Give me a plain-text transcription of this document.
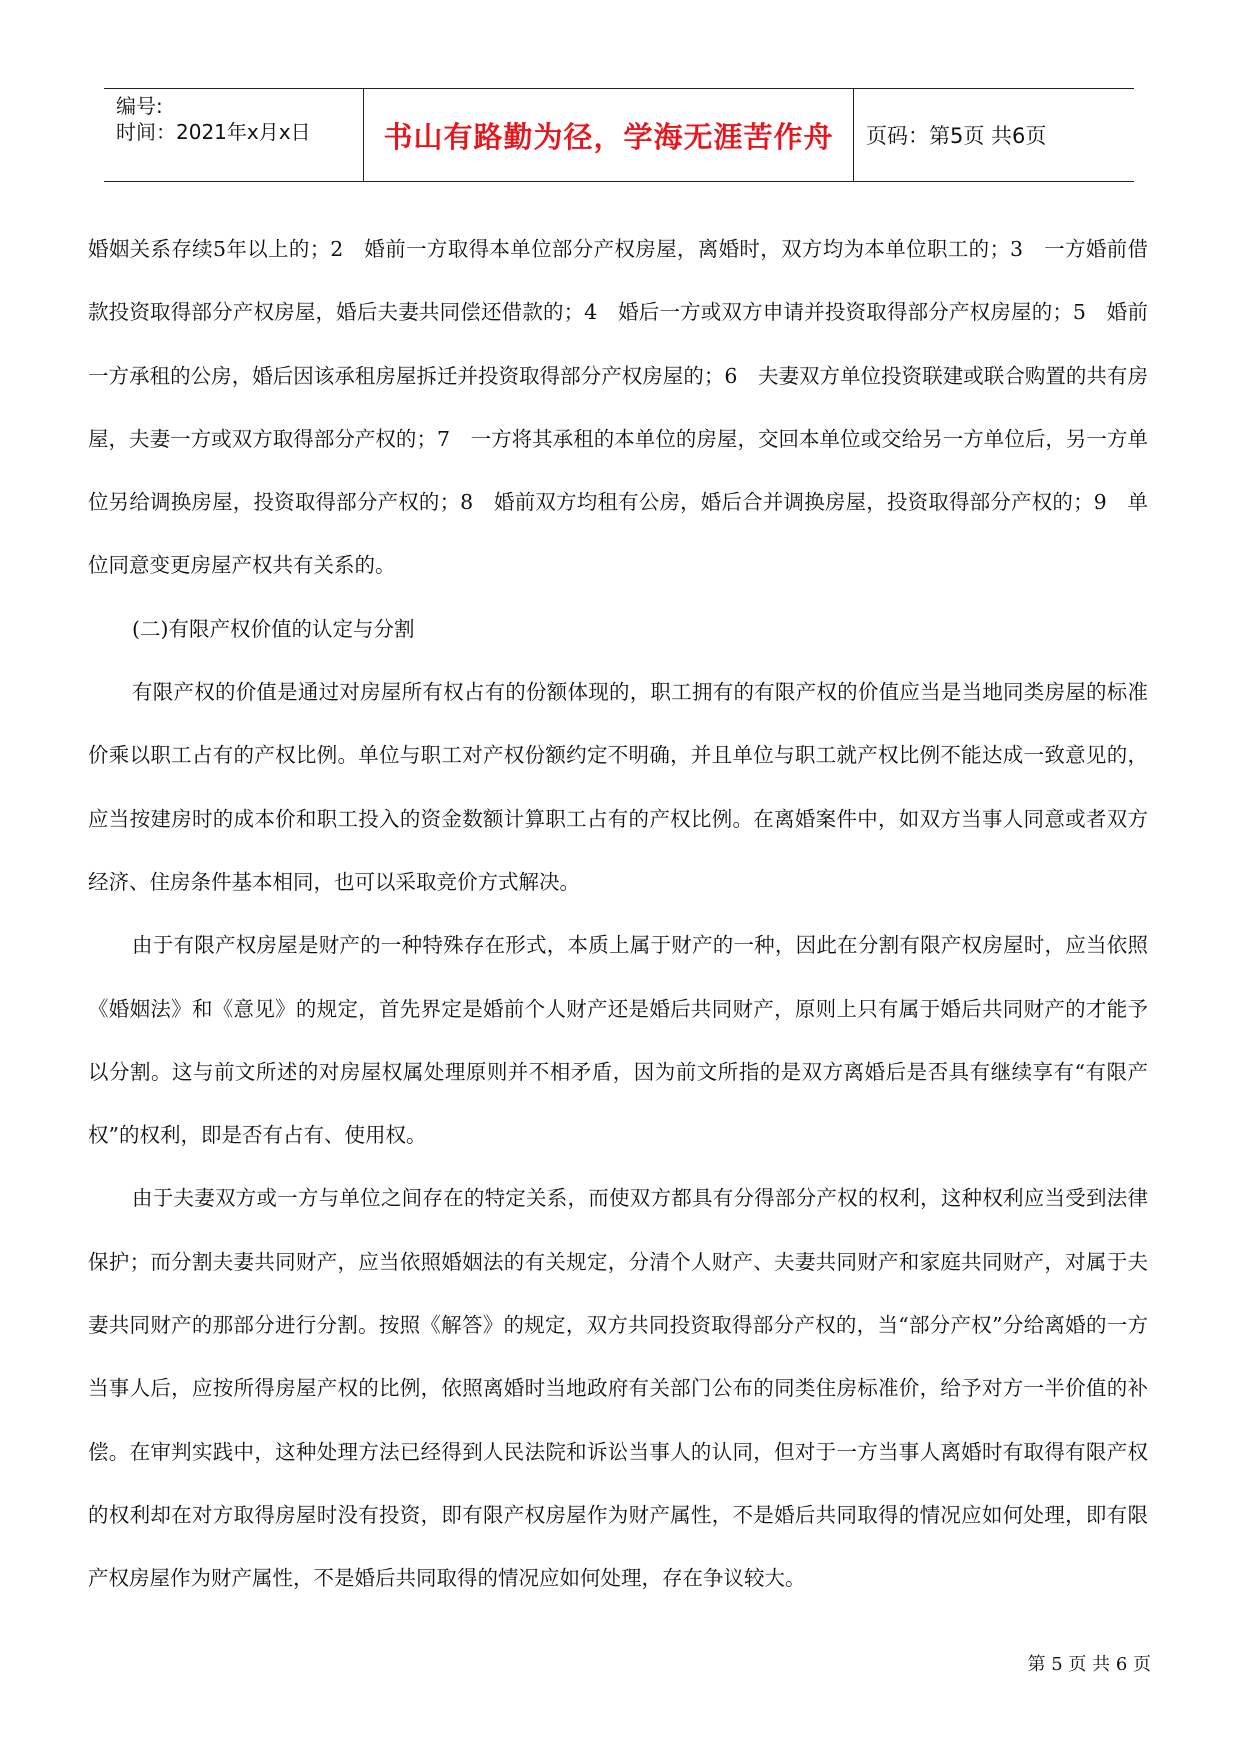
编号:
时间：2021年x月x日	书山有路勤为径，学海无涯苦作舟	页码：第5页 共6页

婚姻关系存续5年以上的；2　婚前一方取得本单位部分产权房屋，离婚时，双方均为本单位职工的；3　一方婚前借款投资取得部分产权房屋，婚后夫妻共同偿还借款的；4　婚后一方或双方申请并投资取得部分产权房屋的；5　婚前一方承租的公房，婚后因该承租房屋拆迁并投资取得部分产权房屋的；6　夫妻双方单位投资联建或联合购置的共有房屋，夫妻一方或双方取得部分产权的；7　一方将其承租的本单位的房屋，交回本单位或交给另一方单位后，另一方单位另给调换房屋，投资取得部分产权的；8　婚前双方均租有公房，婚后合并调换房屋，投资取得部分产权的；9　单位同意变更房屋产权共有关系的。

(二)有限产权价值的认定与分割

有限产权的价值是通过对房屋所有权占有的份额体现的，职工拥有的有限产权的价值应当是当地同类房屋的标准价乘以职工占有的产权比例。单位与职工对产权份额约定不明确，并且单位与职工就产权比例不能达成一致意见的，应当按建房时的成本价和职工投入的资金数额计算职工占有的产权比例。在离婚案件中，如双方当事人同意或者双方经济、住房条件基本相同，也可以采取竞价方式解决。

由于有限产权房屋是财产的一种特殊存在形式，本质上属于财产的一种，因此在分割有限产权房屋时，应当依照《婚姻法》和《意见》的规定，首先界定是婚前个人财产还是婚后共同财产，原则上只有属于婚后共同财产的才能予以分割。这与前文所述的对房屋权属处理原则并不相矛盾，因为前文所指的是双方离婚后是否具有继续享有“有限产权”的权利，即是否有占有、使用权。

由于夫妻双方或一方与单位之间存在的特定关系，而使双方都具有分得部分产权的权利，这种权利应当受到法律保护；而分割夫妻共同财产，应当依照婚姻法的有关规定，分清个人财产、夫妻共同财产和家庭共同财产，对属于夫妻共同财产的那部分进行分割。按照《解答》的规定，双方共同投资取得部分产权的，当“部分产权”分给离婚的一方当事人后，应按所得房屋产权的比例，依照离婚时当地政府有关部门公布的同类住房标准价，给予对方一半价值的补偿。在审判实践中，这种处理方法已经得到人民法院和诉讼当事人的认同，但对于一方当事人离婚时有取得有限产权的权利却在对方取得房屋时没有投资，即有限产权房屋作为财产属性，不是婚后共同取得的情况应如何处理，即有限产权房屋作为财产属性，不是婚后共同取得的情况应如何处理，存在争议较大。

第 5 页 共 6 页
